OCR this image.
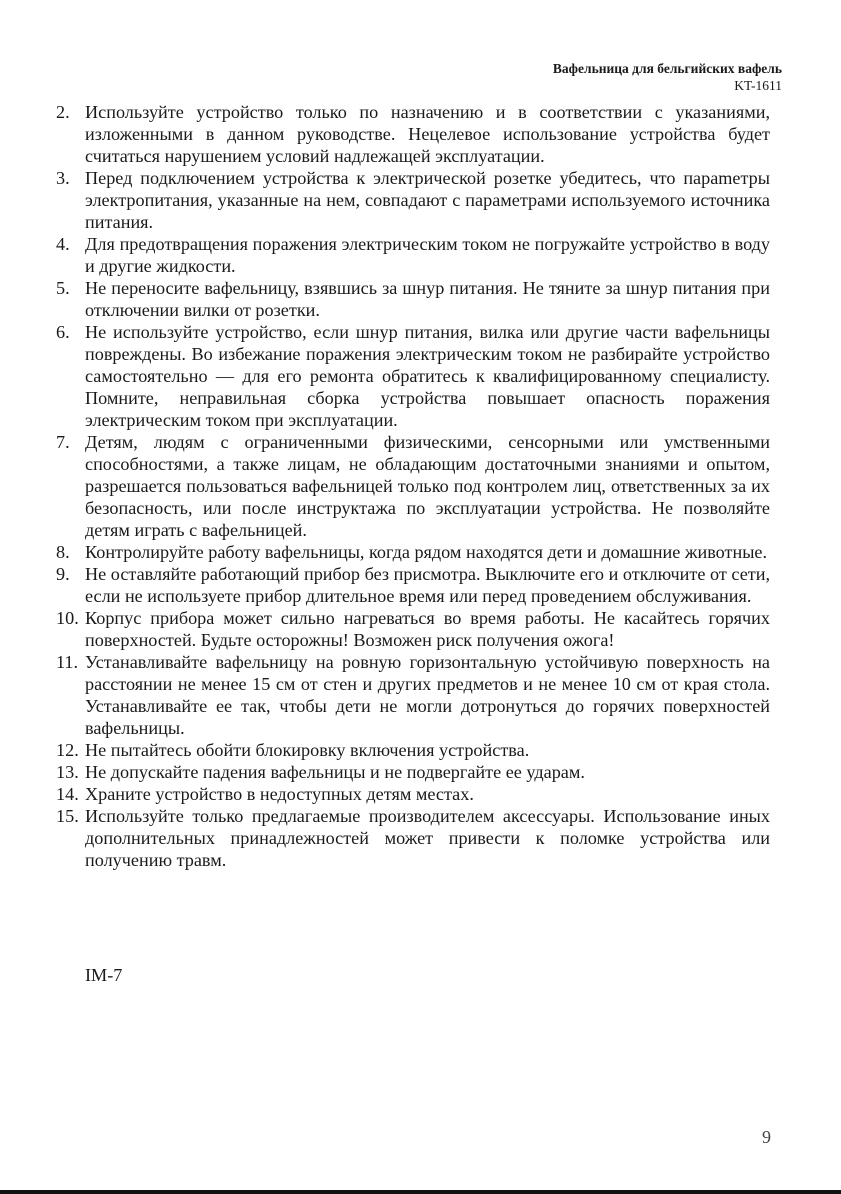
Вафельница для бельгийских вафель
KT-1611
2. Используйте устройство только по назначению и в соответствии с указаниями, изложенными в данном руководстве. Нецелевое использование устройства будет считаться нарушением условий надлежащей эксплуатации.
3. Перед подключением устройства к электрической розетке убедитесь, что параmетры электропитания, указанные на нем, совпадают с параметрами используемого источника питания.
4. Для предотвращения поражения электрическим током не погружайте устройство в воду и другие жидкости.
5. Не переносите вафельницу, взявшись за шнур питания. Не тяните за шнур питания при отключении вилки от розетки.
6. Не используйте устройство, если шнур питания, вилка или другие части вафельницы повреждены. Во избежание поражения электрическим током не разбирайте устройство самостоятельно — для его ремонта обратитесь к квалифицированному специалисту. Помните, неправильная сборка устройства повышает опасность поражения электрическим током при эксплуатации.
7. Детям, людям с ограниченными физическими, сенсорными или умственными способностями, а также лицам, не обладающим достаточными знаниями и опытом, разрешается пользоваться вафельницей только под контролем лиц, ответственных за их безопасность, или после инструктажа по эксплуатации устройства. Не позволяйте детям играть с вафельницей.
8. Контролируйте работу вафельницы, когда рядом находятся дети и домашние животные.
9. Не оставляйте работающий прибор без присмотра. Выключите его и отключите от сети, если не используете прибор длительное время или перед проведением обслуживания.
10. Корпус прибора может сильно нагреваться во время работы. Не касайтесь горячих поверхностей. Будьте осторожны! Возможен риск получения ожога!
11. Устанавливайте вафельницу на ровную горизонтальную устойчивую поверхность на расстоянии не менее 15 см от стен и других предметов и не менее 10 см от края стола. Устанавливайте ее так, чтобы дети не могли дотронуться до горячих поверхностей вафельницы.
12. Не пытайтесь обойти блокировку включения устройства.
13. Не допускайте падения вафельницы и не подвергайте ее ударам.
14. Храните устройство в недоступных детям местах.
15. Используйте только предлагаемые производителем аксессуары. Использование иных дополнительных принадлежностей может привести к поломке устройства или получению травм.
IM-7
9
